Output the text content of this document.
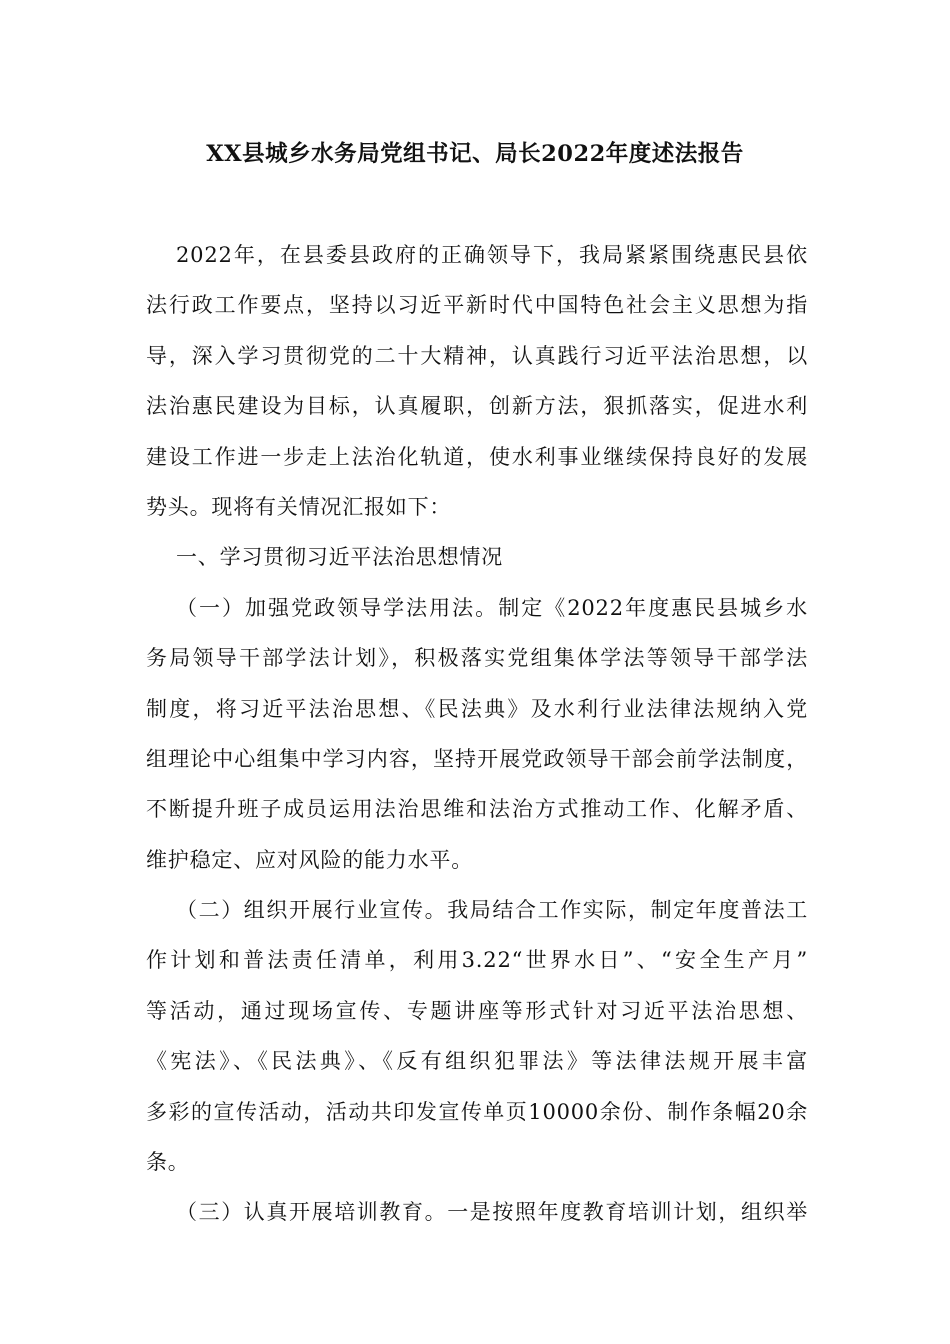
XX县城乡水务局党组书记、局长2022年度述法报告
2022年，在县委县政府的正确领导下，我局紧紧围绕惠民县依
法行政工作要点，坚持以习近平新时代中国特色社会主义思想为指
导，深入学习贯彻党的二十大精神，认真践行习近平法治思想，以
法治惠民建设为目标，认真履职，创新方法，狠抓落实，促进水利
建设工作进一步走上法治化轨道，使水利事业继续保持良好的发展
势头。现将有关情况汇报如下：
一、学习贯彻习近平法治思想情况
（一）加强党政领导学法用法。制定《2022年度惠民县城乡水
务局领导干部学法计划》，积极落实党组集体学法等领导干部学法
制度，将习近平法治思想、《民法典》及水利行业法律法规纳入党
组理论中心组集中学习内容，坚持开展党政领导干部会前学法制度，
不断提升班子成员运用法治思维和法治方式推动工作、化解矛盾、
维护稳定、应对风险的能力水平。
（二）组织开展行业宣传。我局结合工作实际，制定年度普法工
作计划和普法责任清单，利用3.22“世界水日”、“安全生产月”
等活动，通过现场宣传、专题讲座等形式针对习近平法治思想、
《宪法》、《民法典》、《反有组织犯罪法》等法律法规开展丰富
多彩的宣传活动，活动共印发宣传单页10000余份、制作条幅20余
条。
（三）认真开展培训教育。一是按照年度教育培训计划，组织举
